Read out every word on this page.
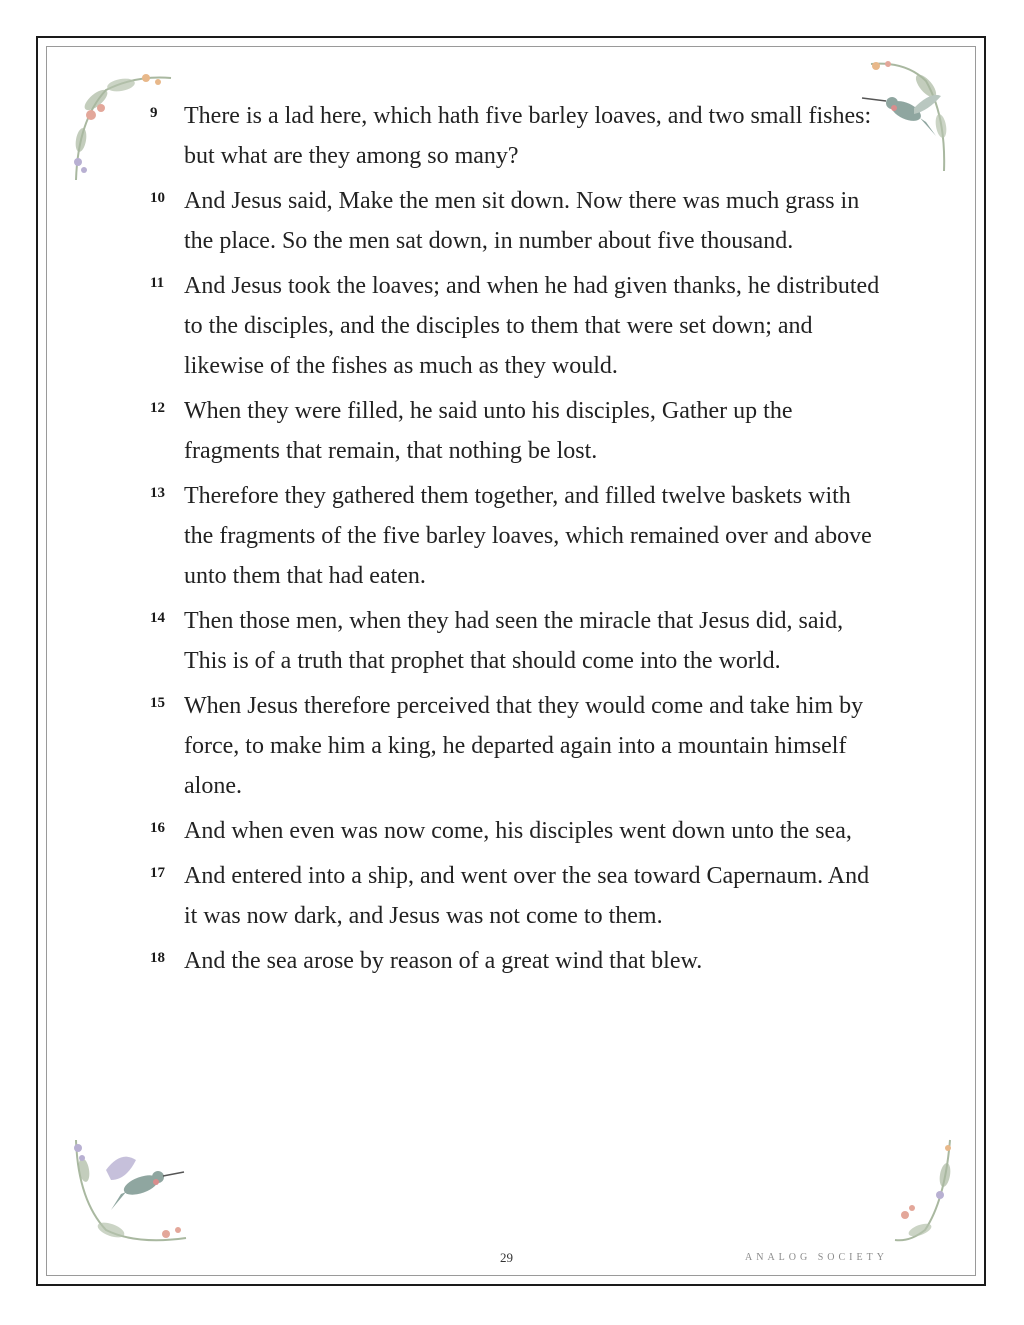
9	There is a lad here, which hath five barley loaves, and two small fishes: but what are they among so many?
10 And Jesus said, Make the men sit down. Now there was much grass in the place. So the men sat down, in number about five thousand.
11 And Jesus took the loaves; and when he had given thanks, he distributed to the disciples, and the disciples to them that were set down; and likewise of the fishes as much as they would.
12 When they were filled, he said unto his disciples, Gather up the fragments that remain, that nothing be lost.
13 Therefore they gathered them together, and filled twelve baskets with the fragments of the five barley loaves, which remained over and above unto them that had eaten.
14 Then those men, when they had seen the miracle that Jesus did, said, This is of a truth that prophet that should come into the world.
15 When Jesus therefore perceived that they would come and take him by force, to make him a king, he departed again into a mountain himself alone.
16 And when even was now come, his disciples went down unto the sea,
17 And entered into a ship, and went over the sea toward Capernaum. And it was now dark, and Jesus was not come to them.
18 And the sea arose by reason of a great wind that blew.
29	ANALOG SOCIETY
